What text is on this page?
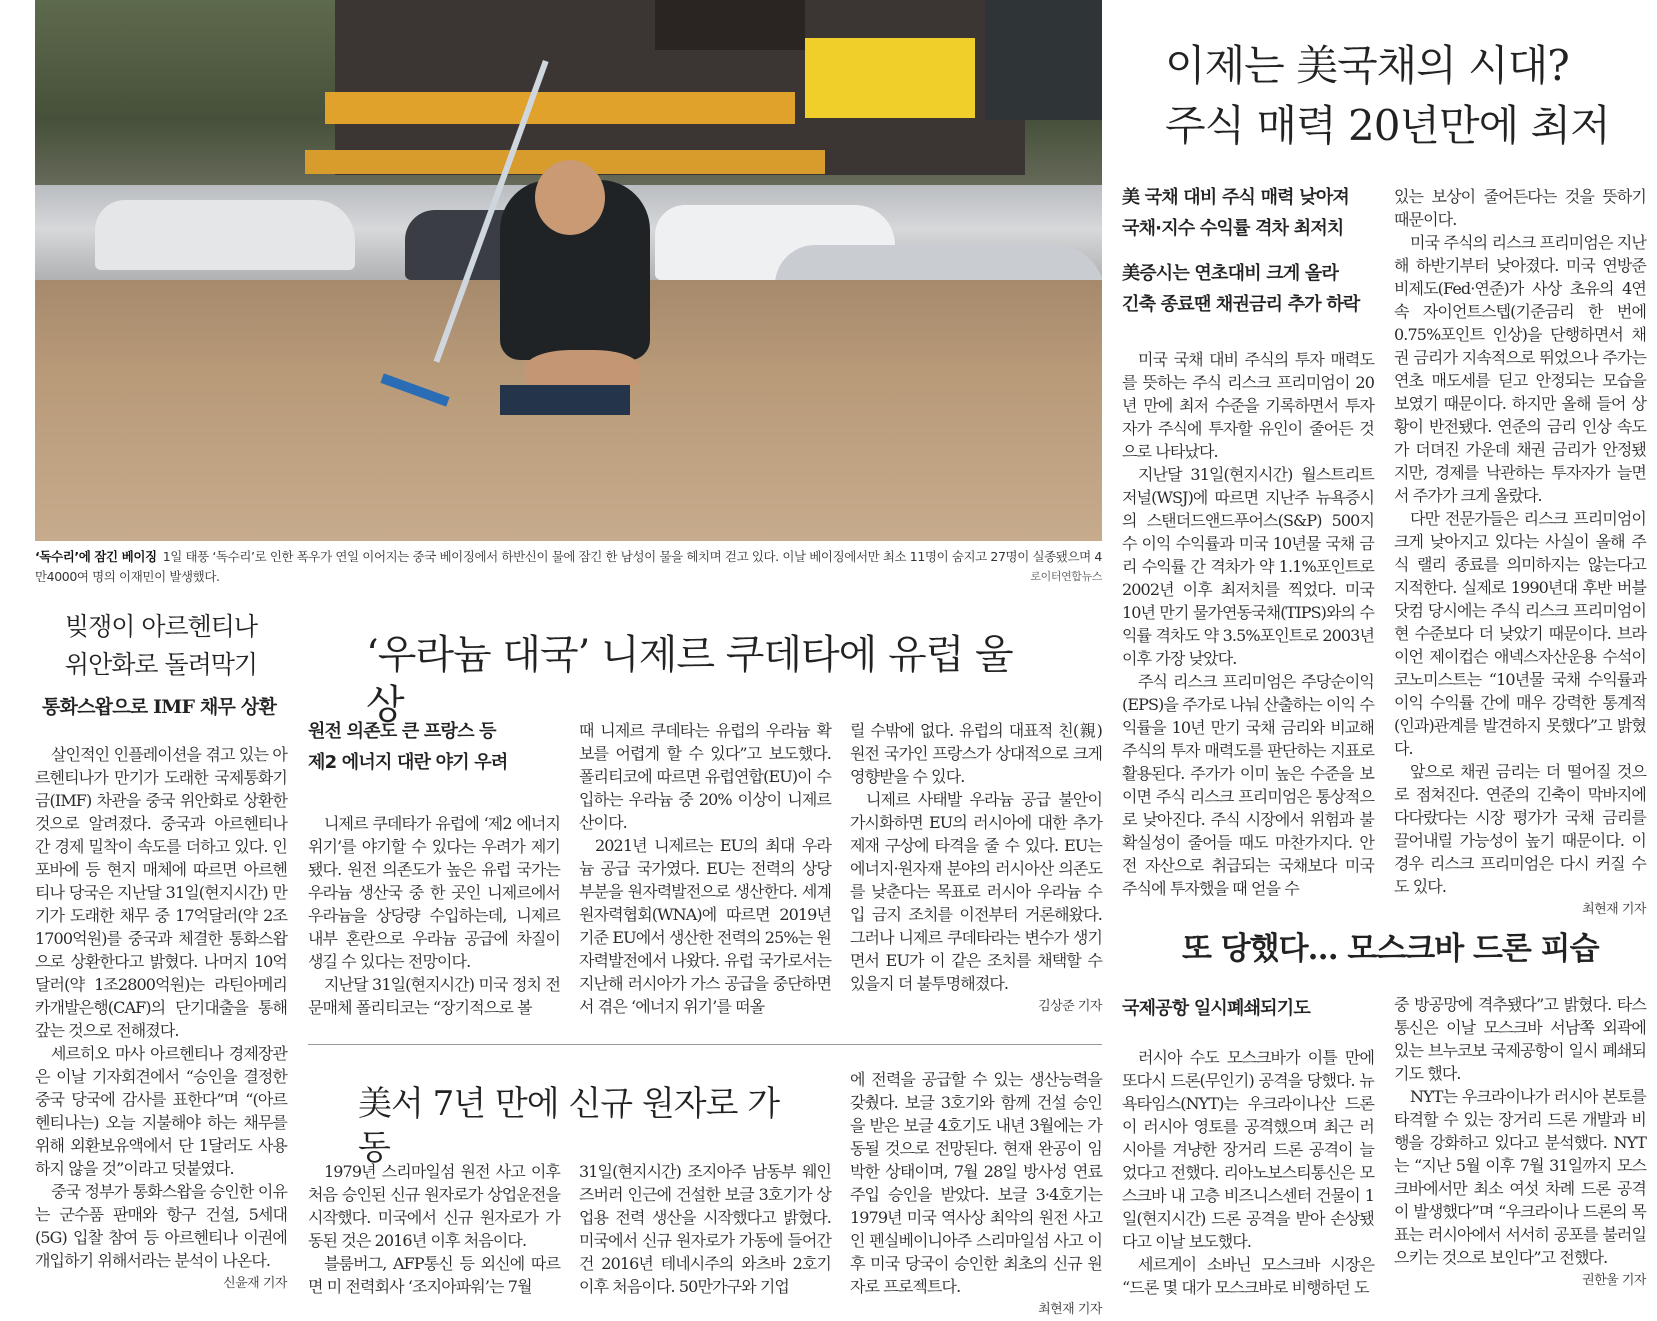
‘독수리’에 잠긴 베이징 1일 태풍 ‘독수리’로 인한 폭우가 연일 이어지는 중국 베이징에서 하반신이 물에 잠긴 한 남성이 물을 헤치며 걷고 있다. 이날 베이징에서만 최소 11명이 숨지고 27명이 실종됐으며 4만4000여 명의 이재민이 발생했다.	로이터연합뉴스
빚쟁이 아르헨티나
위안화로 돌려막기
통화스왑으로 IMF 채무 상환

살인적인 인플레이션을 겪고 있는 아르헨티나가 만기가 도래한 국제통화기금(IMF) 차관을 중국 위안화로 상환한 것으로 알려졌다. 중국과 아르헨티나 간 경제 밀착이 속도를 더하고 있다. 인포바에 등 현지 매체에 따르면 아르헨티나 당국은 지난달 31일(현지시간) 만기가 도래한 채무 중 17억달러(약 2조1700억원)를 중국과 체결한 통화스왑으로 상환한다고 밝혔다. 나머지 10억달러(약 1조2800억원)는 라틴아메리카개발은행(CAF)의 단기대출을 통해 갚는 것으로 전해졌다.

세르히오 마사 아르헨티나 경제장관은 이날 기자회견에서 “승인을 결정한 중국 당국에 감사를 표한다”며 “(아르헨티나는) 오늘 지불해야 하는 채무를 위해 외환보유액에서 단 1달러도 사용하지 않을 것”이라고 덧붙였다.

중국 정부가 통화스왑을 승인한 이유는 군수품 판매와 항구 건설, 5세대(5G) 입찰 참여 등 아르헨티나 이권에 개입하기 위해서라는 분석이 나온다.

신윤재 기자
‘우라늄 대국’ 니제르 쿠데타에 유럽 울상
원전 의존도 큰 프랑스 등
제2 에너지 대란 야기 우려

니제르 쿠데타가 유럽에 ‘제2 에너지 위기’를 야기할 수 있다는 우려가 제기됐다. 원전 의존도가 높은 유럽 국가는 우라늄 생산국 중 한 곳인 니제르에서 우라늄을 상당량 수입하는데, 니제르 내부 혼란으로 우라늄 공급에 차질이 생길 수 있다는 전망이다.

지난달 31일(현지시간) 미국 정치 전문매체 폴리티코는 “장기적으로 볼

때 니제르 쿠데타는 유럽의 우라늄 확보를 어렵게 할 수 있다”고 보도했다. 폴리티코에 따르면 유럽연합(EU)이 수입하는 우라늄 중 20% 이상이 니제르산이다.

2021년 니제르는 EU의 최대 우라늄 공급 국가였다. EU는 전력의 상당 부분을 원자력발전으로 생산한다. 세계원자력협회(WNA)에 따르면 2019년 기준 EU에서 생산한 전력의 25%는 원자력발전에서 나왔다. 유럽 국가로서는 지난해 러시아가 가스 공급을 중단하면서 겪은 ‘에너지 위기’를 떠올

릴 수밖에 없다. 유럽의 대표적 친(親)원전 국가인 프랑스가 상대적으로 크게 영향받을 수 있다.

니제르 사태발 우라늄 공급 불안이 가시화하면 EU의 러시아에 대한 추가 제재 구상에 타격을 줄 수 있다. EU는 에너지·원자재 분야의 러시아산 의존도를 낮춘다는 목표로 러시아 우라늄 수입 금지 조치를 이전부터 거론해왔다. 그러나 니제르 쿠데타라는 변수가 생기면서 EU가 이 같은 조치를 채택할 수 있을지 더 불투명해졌다.

김상준 기자
美서 7년 만에 신규 원자로 가동

1979년 스리마일섬 원전 사고 이후 처음 승인된 신규 원자로가 상업운전을 시작했다. 미국에서 신규 원자로가 가동된 것은 2016년 이후 처음이다.

블룸버그, AFP통신 등 외신에 따르면 미 전력회사 ‘조지아파워’는 7월

31일(현지시간) 조지아주 남동부 웨인즈버러 인근에 건설한 보글 3호기가 상업용 전력 생산을 시작했다고 밝혔다. 미국에서 신규 원자로가 가동에 들어간 건 2016년 테네시주의 와츠바 2호기 이후 처음이다. 50만가구와 기업

에 전력을 공급할 수 있는 생산능력을 갖췄다. 보글 3호기와 함께 건설 승인을 받은 보글 4호기도 내년 3월에는 가동될 것으로 전망된다. 현재 완공이 임박한 상태이며, 7월 28일 방사성 연료 주입 승인을 받았다. 보글 3·4호기는 1979년 미국 역사상 최악의 원전 사고인 펜실베이니아주 스리마일섬 사고 이후 미국 당국이 승인한 최초의 신규 원자로 프로젝트다.

최현재 기자
이제는 美국채의 시대?
주식 매력 20년만에 최저
美 국채 대비 주식 매력 낮아져
국채·지수 수익률 격차 최저치
美증시는 연초대비 크게 올라
긴축 종료땐 채권금리 추가 하락

미국 국채 대비 주식의 투자 매력도를 뜻하는 주식 리스크 프리미엄이 20년 만에 최저 수준을 기록하면서 투자자가 주식에 투자할 유인이 줄어든 것으로 나타났다.

지난달 31일(현지시간) 월스트리트저널(WSJ)에 따르면 지난주 뉴욕증시의 스탠더드앤드푸어스(S&P) 500지수 이익 수익률과 미국 10년물 국채 금리 수익률 간 격차가 약 1.1%포인트로 2002년 이후 최저치를 찍었다. 미국 10년 만기 물가연동국채(TIPS)와의 수익률 격차도 약 3.5%포인트로 2003년 이후 가장 낮았다.

주식 리스크 프리미엄은 주당순이익(EPS)을 주가로 나눠 산출하는 이익 수익률을 10년 만기 국채 금리와 비교해 주식의 투자 매력도를 판단하는 지표로 활용된다. 주가가 이미 높은 수준을 보이면 주식 리스크 프리미엄은 통상적으로 낮아진다. 주식 시장에서 위험과 불확실성이 줄어들 때도 마찬가지다. 안전 자산으로 취급되는 국채보다 미국 주식에 투자했을 때 얻을 수

있는 보상이 줄어든다는 것을 뜻하기 때문이다.

미국 주식의 리스크 프리미엄은 지난해 하반기부터 낮아졌다. 미국 연방준비제도(Fed·연준)가 사상 초유의 4연속 자이언트스텝(기준금리 한 번에 0.75%포인트 인상)을 단행하면서 채권 금리가 지속적으로 뛰었으나 주가는 연초 매도세를 딛고 안정되는 모습을 보였기 때문이다. 하지만 올해 들어 상황이 반전됐다. 연준의 금리 인상 속도가 더뎌진 가운데 채권 금리가 안정됐지만, 경제를 낙관하는 투자자가 늘면서 주가가 크게 올랐다.

다만 전문가들은 리스크 프리미엄이 크게 낮아지고 있다는 사실이 올해 주식 랠리 종료를 의미하지는 않는다고 지적한다. 실제로 1990년대 후반 버블닷컴 당시에는 주식 리스크 프리미엄이 현 수준보다 더 낮았기 때문이다. 브라이언 제이컵슨 애넥스자산운용 수석이코노미스트는 “10년물 국채 수익률과 이익 수익률 간에 매우 강력한 통계적 (인과)관계를 발견하지 못했다”고 밝혔다.

앞으로 채권 금리는 더 떨어질 것으로 점쳐진다. 연준의 긴축이 막바지에 다다랐다는 시장 평가가 국채 금리를 끌어내릴 가능성이 높기 때문이다. 이 경우 리스크 프리미엄은 다시 커질 수도 있다.

최현재 기자
또 당했다… 모스크바 드론 피습
국제공항 일시폐쇄되기도

러시아 수도 모스크바가 이틀 만에 또다시 드론(무인기) 공격을 당했다. 뉴욕타임스(NYT)는 우크라이나산 드론이 러시아 영토를 공격했으며 최근 러시아를 겨냥한 장거리 드론 공격이 늘었다고 전했다. 리아노보스티통신은 모스크바 내 고층 비즈니스센터 건물이 1일(현지시간) 드론 공격을 받아 손상됐다고 이날 보도했다.

세르게이 소바닌 모스크바 시장은 “드론 몇 대가 모스크바로 비행하던 도

중 방공망에 격추됐다”고 밝혔다. 타스통신은 이날 모스크바 서남쪽 외곽에 있는 브누코보 국제공항이 일시 폐쇄되기도 했다.

NYT는 우크라이나가 러시아 본토를 타격할 수 있는 장거리 드론 개발과 비행을 강화하고 있다고 분석했다. NYT는 “지난 5월 이후 7월 31일까지 모스크바에서만 최소 여섯 차례 드론 공격이 발생했다”며 “우크라이나 드론의 목표는 러시아에서 서서히 공포를 불러일으키는 것으로 보인다”고 전했다.

권한울 기자
